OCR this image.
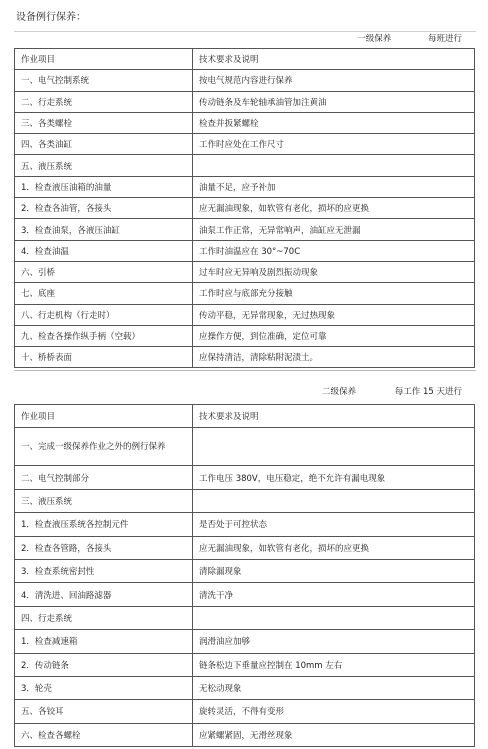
设备例行保养：
一级保养	每班进行
作业项目	技术要求及说明
一、电气控制系统	按电气规范内容进行保养
二、行走系统	传动链条及车轮轴承油管加注黄油
三、各类螺栓	检查并扳紧螺栓
四、各类油缸	工作时应处在工作尺寸
五、液压系统	
1．检查液压油箱的油量	油量不足，应予补加
2．检查各油管，各接头	应无漏油现象，如软管有老化，损坏的应更换
3．检查油泵，各液压油缸	油泵工作正常，无异常响声，油缸应无泄漏
4．检查油温	工作时油温应在 30°~70C
六、引桥	过车时应无异响及剧烈振动现象
七、底座	工作时应与底部充分接触
八、行走机构（行走时）	传动平稳，无异常现象，无过热现象
九、检查各操作纵手柄（空载）	应操作方便，到位准确，定位可靠
十、桥桥表面	应保持清洁，清除粘附泥渍土。
二级保养	每工作 15 天进行
作业项目	技术要求及说明
一、完成一级保养作业之外的例行保养	
二、电气控制部分	工作电压 380V，电压稳定，绝不允许有漏电现象
三、液压系统	
1．检查液压系统各控制元件	是否处于可控状态
2．检查各管路，各接头	应无漏油现象，如软管有老化，损坏的应更换
3．检查系统密封性	清除漏现象
4．清洗进、回油路滤器	清洗干净
四、行走系统	
1．检查减速箱	润滑油应加够
2．传动链条	链条松边下垂量应控制在 10mm 左右
3．轮壳	无松动现象
五、各铰耳	旋转灵活，不得有变形
六、检查各螺栓	应紧螺紧固，无滑丝现象
